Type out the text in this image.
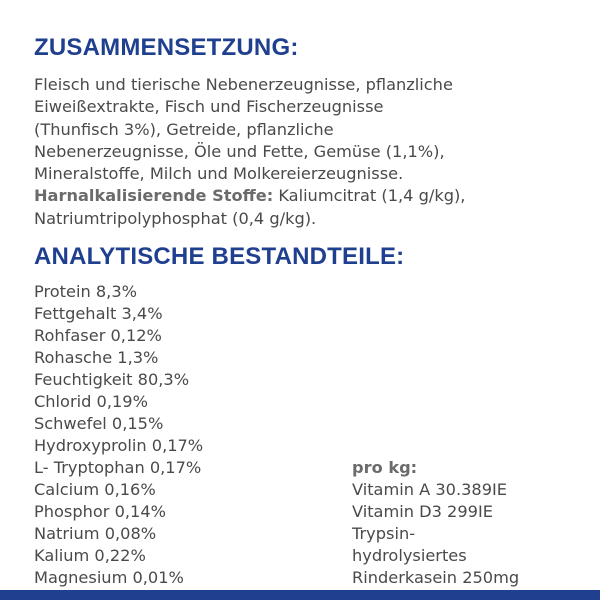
ZUSAMMENSETZUNG:
Fleisch und tierische Nebenerzeugnisse, pflanzliche
Eiweißextrakte, Fisch und Fischerzeugnisse
(Thunfisch 3%), Getreide, pflanzliche
Nebenerzeugnisse, Öle und Fette, Gemüse (1,1%),
Mineralstoffe, Milch und Molkereierzeugnisse.
Harnalkalisierende Stoffe: Kaliumcitrat (1,4 g/kg),
Natriumtripolyphosphat (0,4 g/kg).
ANALYTISCHE BESTANDTEILE:
Protein 8,3%
Fettgehalt 3,4%
Rohfaser 0,12%
Rohasche 1,3%
Feuchtigkeit 80,3%
Chlorid 0,19%
Schwefel 0,15%
Hydroxyprolin 0,17%
L- Tryptophan 0,17%
Calcium 0,16%
Phosphor 0,14%
Natrium 0,08%
Kalium 0,22%
Magnesium 0,01%
pro kg:
Vitamin A 30.389IE
Vitamin D3 299IE
Trypsin-
hydrolysiertes
Rinderkasein 250mg
